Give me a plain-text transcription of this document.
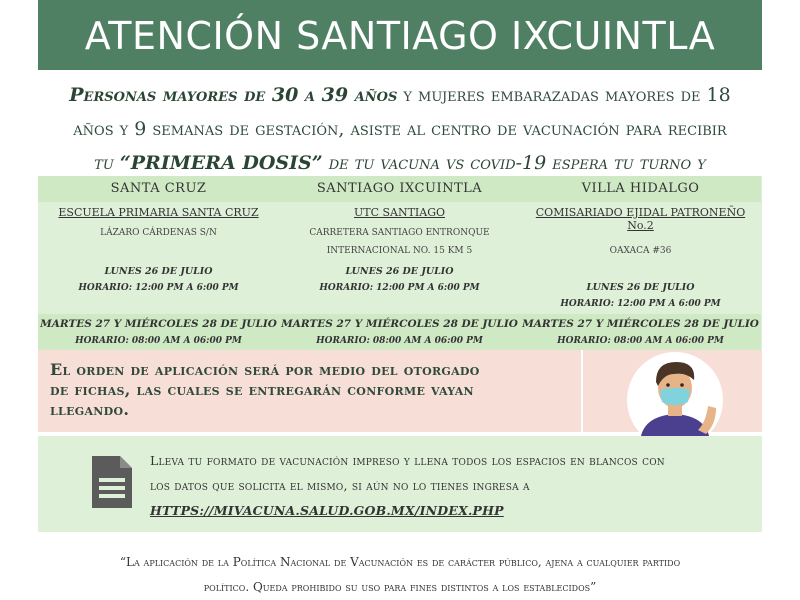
ATENCIÓN SANTIAGO IXCUINTLA

Personas mayores de 30 a 39 años y mujeres embarazadas mayores de 18

años y 9 semanas de gestación, asiste al centro de vacunación para recibir

tu “PRIMERA DOSIS” de tu vacuna vs covid-19 espera tu turno y

SANTA CRUZ
ESCUELA PRIMARIA SANTA CRUZ
LÁZARO CÁRDENAS S/N
LUNES 26 DE JULIO
HORARIO: 12:00 PM A 6:00 PM
MARTES 27 Y MIÉRCOLES 28 DE JULIO
HORARIO: 08:00 AM A 06:00 PM
SANTIAGO IXCUINTLA
UTC SANTIAGO
CARRETERA SANTIAGO ENTRONQUE
INTERNACIONAL NO. 15 KM 5
LUNES 26 DE JULIO
HORARIO: 12:00 PM A 6:00 PM
MARTES 27 Y MIÉRCOLES 28 DE JULIO
HORARIO: 08:00 AM A 06:00 PM
VILLA HIDALGO
COMISARIADO EJIDAL PATRONEÑO
No.2
OAXACA #36
LUNES 26 DE JULIO
HORARIO: 12:00 PM A 6:00 PM
MARTES 27 Y MIÉRCOLES 28 DE JULIO
HORARIO: 08:00 AM A 06:00 PM
El orden de aplicación será por medio del otorgado
de fichas, las cuales se entregarán conforme vayan
llegando.
Lleva tu formato de vacunación impreso y llena todos los espacios en blancos con
los datos que solicita el mismo, si aún no lo tienes ingresa a
HTTPS://MIVACUNA.SALUD.GOB.MX/INDEX.PHP
“La aplicación de la Política Nacional de Vacunación es de carácter público, ajena a cualquier partido
político. Queda prohibido su uso para fines distintos a los establecidos”
